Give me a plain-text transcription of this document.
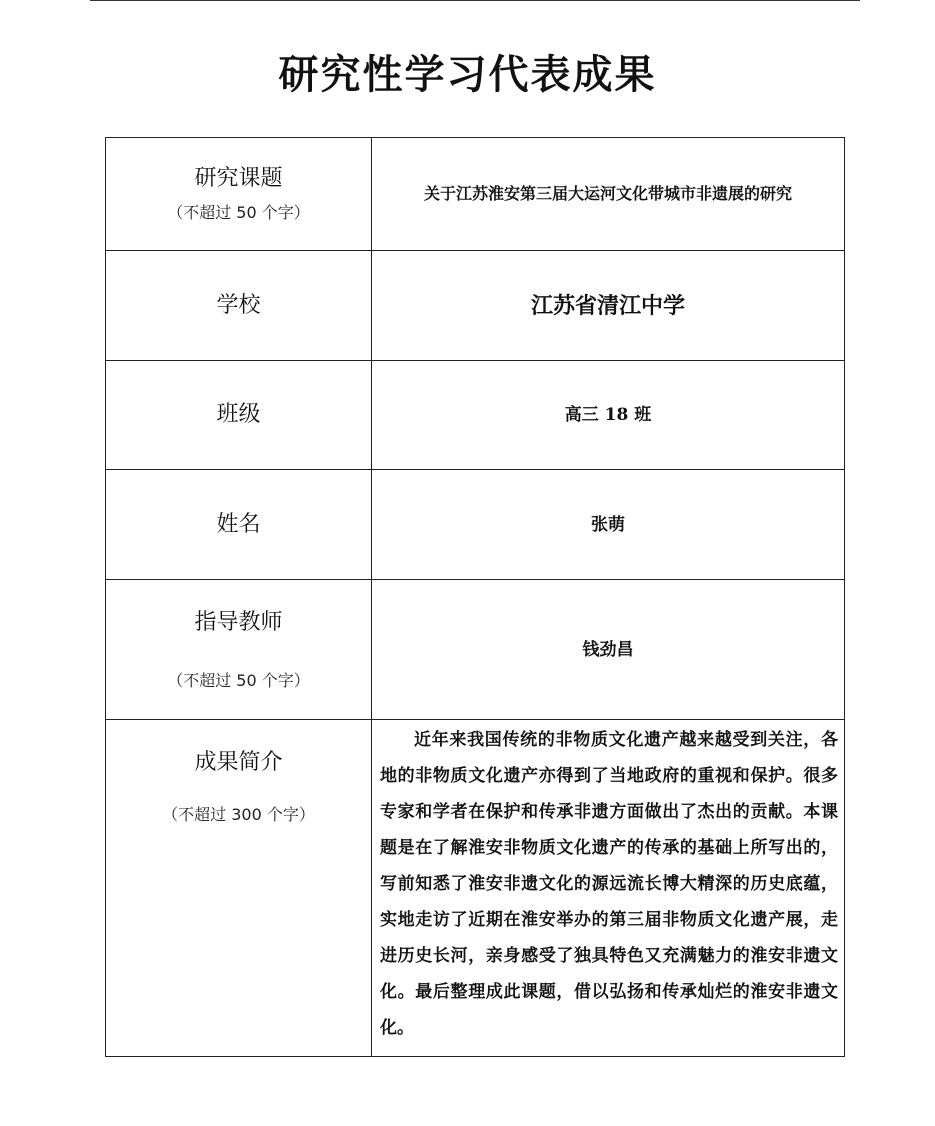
研究性学习代表成果
研究课题
（不超过 50 个字）	关于江苏淮安第三届大运河文化带城市非遗展的研究

学校	江苏省清江中学

班级	高三 18 班

姓名	张萌

指导教师
（不超过 50 个字）	钱劲昌

成果简介
（不超过 300 个字）	近年来我国传统的非物质文化遗产越来越受到关注，各地的非物质文化遗产亦得到了当地政府的重视和保护。很多专家和学者在保护和传承非遗方面做出了杰出的贡献。本课题是在了解淮安非物质文化遗产的传承的基础上所写出的，写前知悉了淮安非遗文化的源远流长博大精深的历史底蕴，实地走访了近期在淮安举办的第三届非物质文化遗产展，走进历史长河，亲身感受了独具特色又充满魅力的淮安非遗文化。最后整理成此课题，借以弘扬和传承灿烂的淮安非遗文化。
